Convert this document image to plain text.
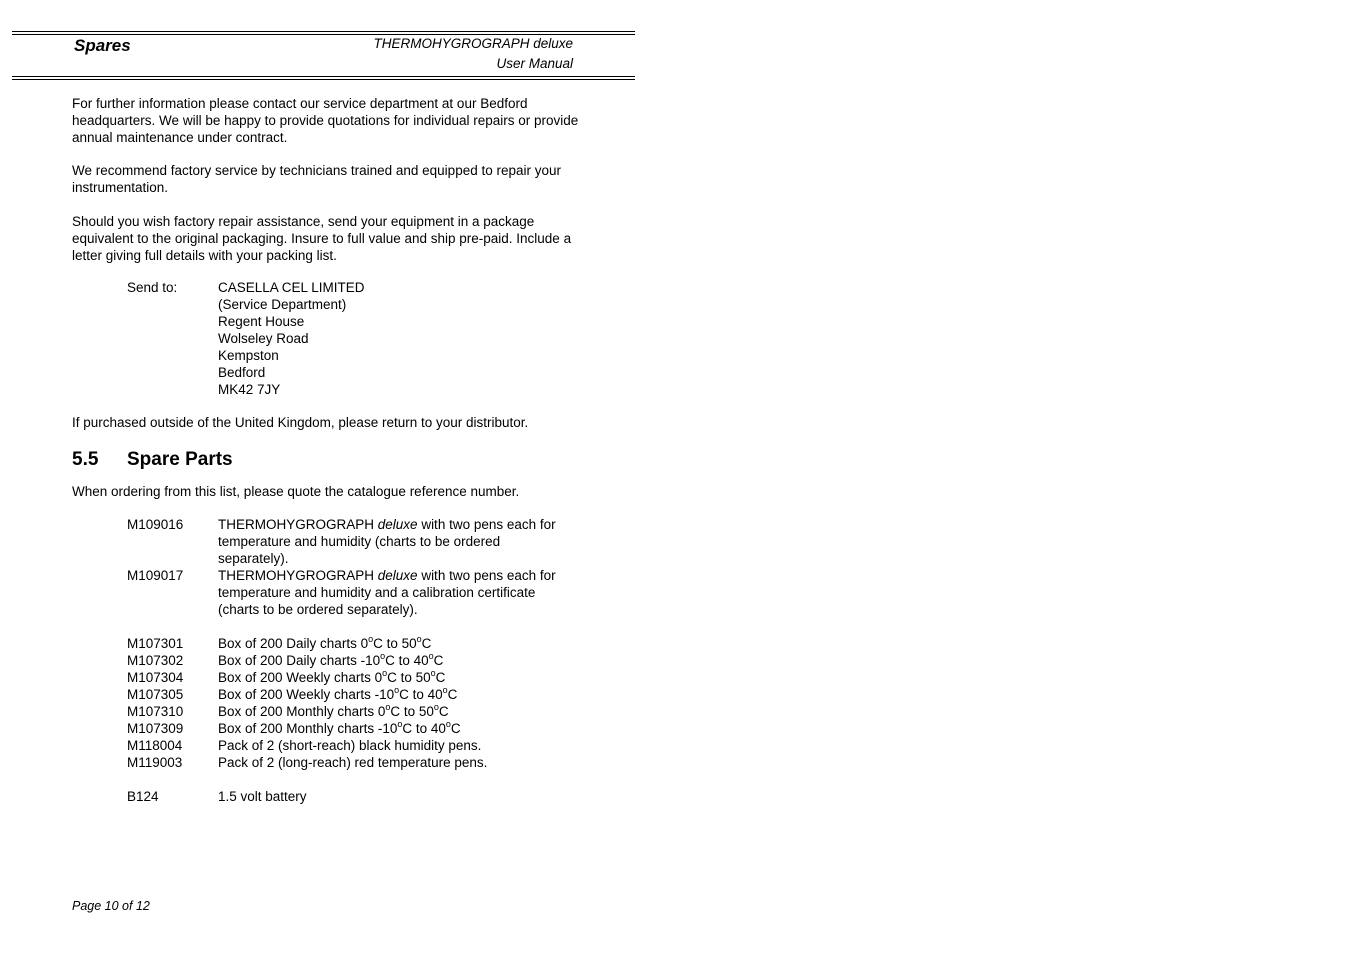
Spares	THERMOHYGROGRAPH deluxe
User Manual
For further information please contact our service department at our Bedford headquarters. We will be happy to provide quotations for individual repairs or provide annual maintenance under contract.
We recommend factory service by technicians trained and equipped to repair your instrumentation.
Should you wish factory repair assistance, send your equipment in a package equivalent to the original packaging. Insure to full value and ship pre-paid. Include a letter giving full details with your packing list.
Send to:	CASELLA CEL LIMITED
(Service Department)
Regent House
Wolseley Road
Kempston
Bedford
MK42 7JY
If purchased outside of the United Kingdom, please return to your distributor.
5.5 Spare Parts
When ordering from this list, please quote the catalogue reference number.
M109016	THERMOHYGROGRAPH deluxe with two pens each for temperature and humidity (charts to be ordered separately).
M109017	THERMOHYGROGRAPH deluxe with two pens each for temperature and humidity and a calibration certificate (charts to be ordered separately).
M107301	Box of 200 Daily charts 0$^o$C to 50$^o$C
M107302	Box of 200 Daily charts -10$^o$C to 40$^o$C
M107304	Box of 200 Weekly charts 0$^o$C to 50$^o$C
M107305	Box of 200 Weekly charts -10$^o$C to 40$^o$C
M107310	Box of 200 Monthly charts 0$^o$C to 50$^o$C
M107309	Box of 200 Monthly charts -10$^o$C to 40$^o$C
M118004	Pack of 2 (short-reach) black humidity pens.
M119003	Pack of 2 (long-reach) red temperature pens.
B124	1.5 volt battery
Page 10 of 12
